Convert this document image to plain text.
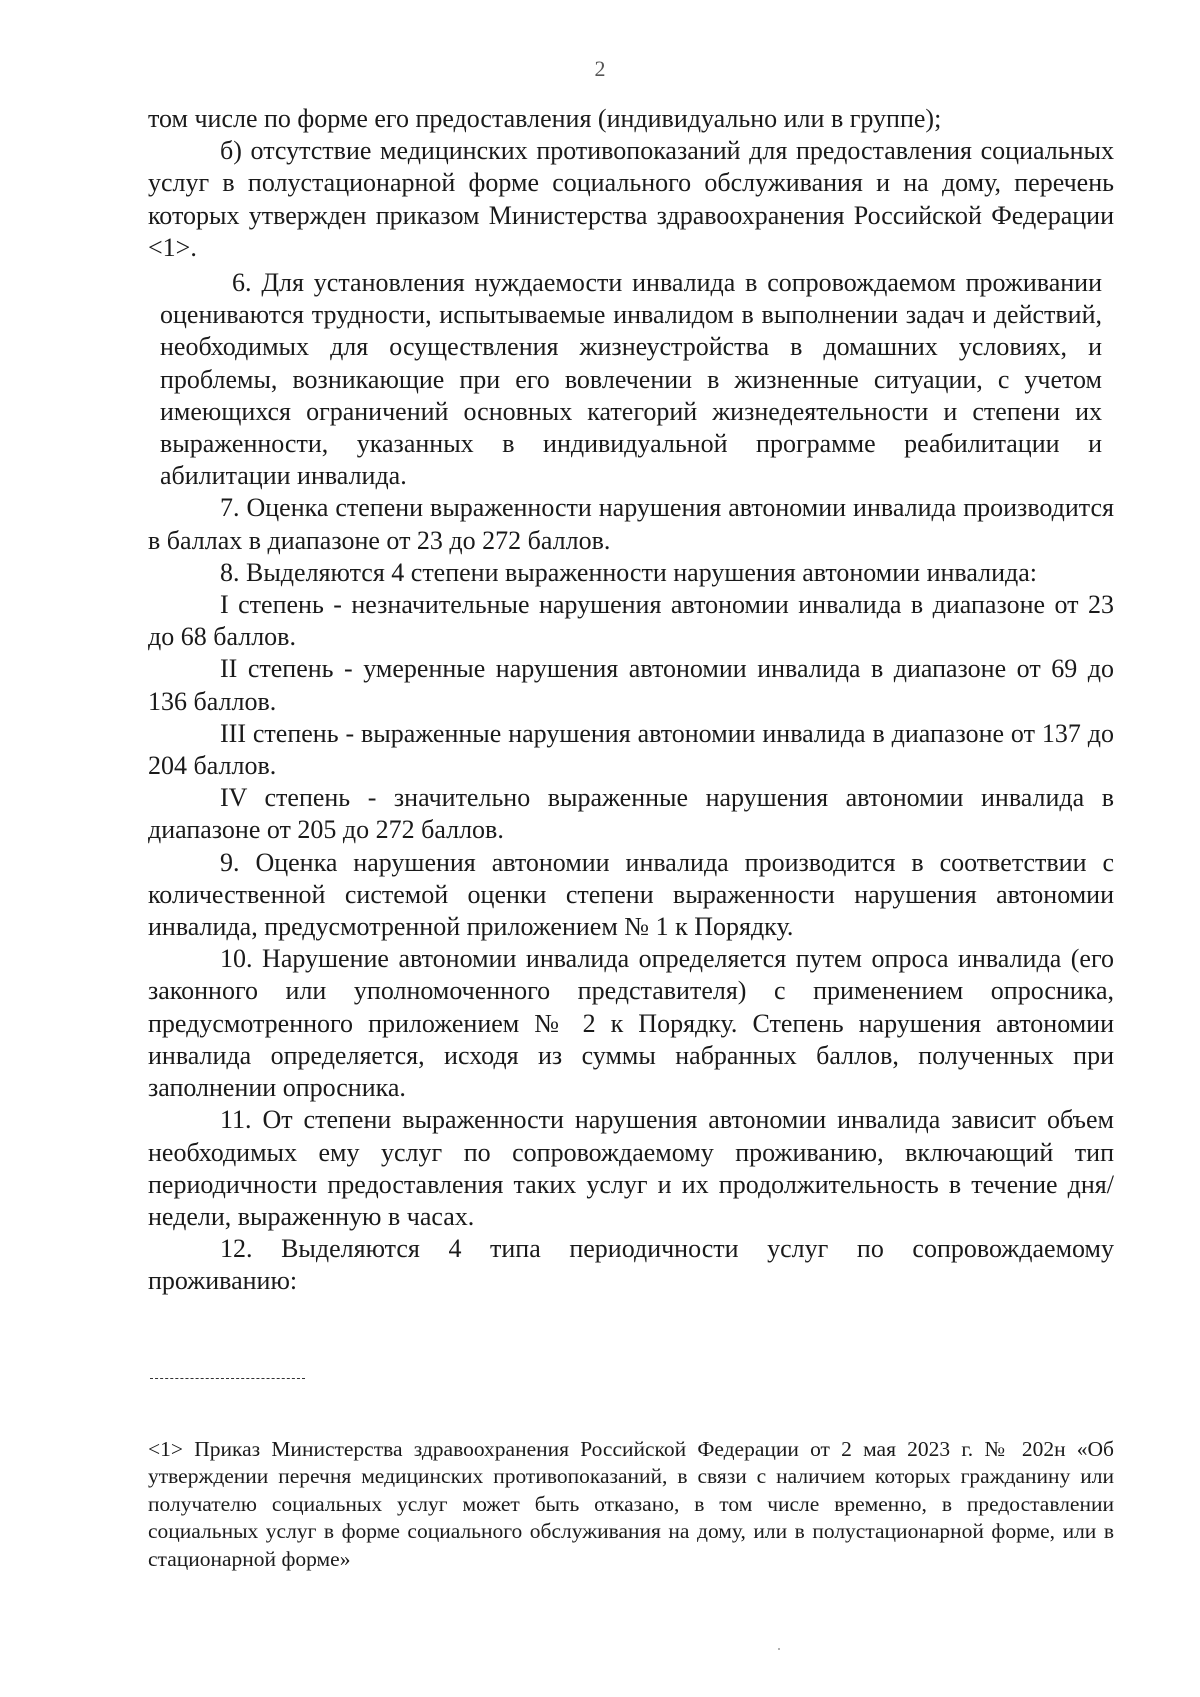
2

том числе по форме его предоставления (индивидуально или в группе);

б) отсутствие медицинских противопоказаний для предоставления социальных услуг в полустационарной форме социального обслуживания и на дому, перечень которых утвержден приказом Министерства здравоохранения Российской Федерации <1>.

6. Для установления нуждаемости инвалида в сопровождаемом проживании оцениваются трудности, испытываемые инвалидом в выполнении задач и действий, необходимых для осуществления жизнеустройства в домашних условиях, и проблемы, возникающие при его вовлечении в жизненные ситуации, с учетом имеющихся ограничений основных категорий жизнедеятельности и степени их выраженности, указанных в индивидуальной программе реабилитации и абилитации инвалида.

7. Оценка степени выраженности нарушения автономии инвалида производится в баллах в диапазоне от 23 до 272 баллов.

8. Выделяются 4 степени выраженности нарушения автономии инвалида:

I степень - незначительные нарушения автономии инвалида в диапазоне от 23 до 68 баллов.

II степень - умеренные нарушения автономии инвалида в диапазоне от 69 до 136 баллов.

III степень - выраженные нарушения автономии инвалида в диапазоне от 137 до 204 баллов.

IV степень - значительно выраженные нарушения автономии инвалида в диапазоне от 205 до 272 баллов.

9. Оценка нарушения автономии инвалида производится в соответствии с количественной системой оценки степени выраженности нарушения автономии инвалида, предусмотренной приложением № 1 к Порядку.

10. Нарушение автономии инвалида определяется путем опроса инвалида (его законного или уполномоченного представителя) с применением опросника, предусмотренного приложением № 2 к Порядку. Степень нарушения автономии инвалида определяется, исходя из суммы набранных баллов, полученных при заполнении опросника.

11. От степени выраженности нарушения автономии инвалида зависит объем необходимых ему услуг по сопровождаемому проживанию, включающий тип периодичности предоставления таких услуг и их продолжительность в течение дня/недели, выраженную в часах.

12. Выделяются 4 типа периодичности услуг по сопровождаемому проживанию:

<1> Приказ Министерства здравоохранения Российской Федерации от 2 мая 2023 г. № 202н «Об утверждении перечня медицинских противопоказаний, в связи с наличием которых гражданину или получателю социальных услуг может быть отказано, в том числе временно, в предоставлении социальных услуг в форме социального обслуживания на дому, или в полустационарной форме, или в стационарной форме»
